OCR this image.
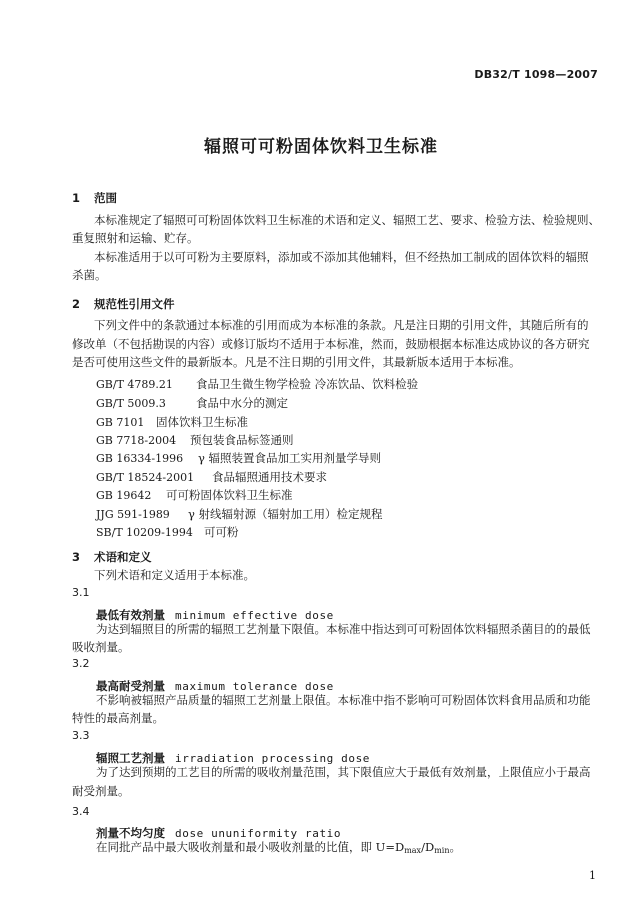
DB32/T 1098—2007
辐照可可粉固体饮料卫生标准
1 范围
本标准规定了辐照可可粉固体饮料卫生标准的术语和定义、辐照工艺、要求、检验方法、检验规则、
重复照射和运输、贮存。
本标准适用于以可可粉为主要原料，添加或不添加其他辅料，但不经热加工制成的固体饮料的辐照
杀菌。
2 规范性引用文件
下列文件中的条款通过本标准的引用而成为本标准的条款。凡是注日期的引用文件，其随后所有的
修改单（不包括勘误的内容）或修订版均不适用于本标准，然而，鼓励根据本标准达成协议的各方研究
是否可使用这些文件的最新版本。凡是不注日期的引用文件，其最新版本适用于本标准。
GB/T 4789.21 食品卫生微生物学检验 冷冻饮品、饮料检验
GB/T 5009.3	食品中水分的测定
GB 7101 固体饮料卫生标准
GB 7718-2004 预包装食品标签通则
GB 16334-1996 γ 辐照装置食品加工实用剂量学导则
GB/T 18524-2001 食品辐照通用技术要求
GB 19642 可可粉固体饮料卫生标准
JJG 591-1989 γ 射线辐射源（辐射加工用）检定规程
SB/T 10209-1994 可可粉
3 术语和定义
下列术语和定义适用于本标准。
3.1
最低有效剂量 minimum effective dose
为达到辐照目的所需的辐照工艺剂量下限值。本标准中指达到可可粉固体饮料辐照杀菌目的的最低
吸收剂量。
3.2
最高耐受剂量 maximum tolerance dose
不影响被辐照产品质量的辐照工艺剂量上限值。本标准中指不影响可可粉固体饮料食用品质和功能
特性的最高剂量。
3.3
辐照工艺剂量 irradiation processing dose
为了达到预期的工艺目的所需的吸收剂量范围，其下限值应大于最低有效剂量，上限值应小于最高
耐受剂量。
3.4
剂量不均匀度 dose ununiformity ratio
在同批产品中最大吸收剂量和最小吸收剂量的比值，即 $U=D_{max}/D_{min}$。
1
